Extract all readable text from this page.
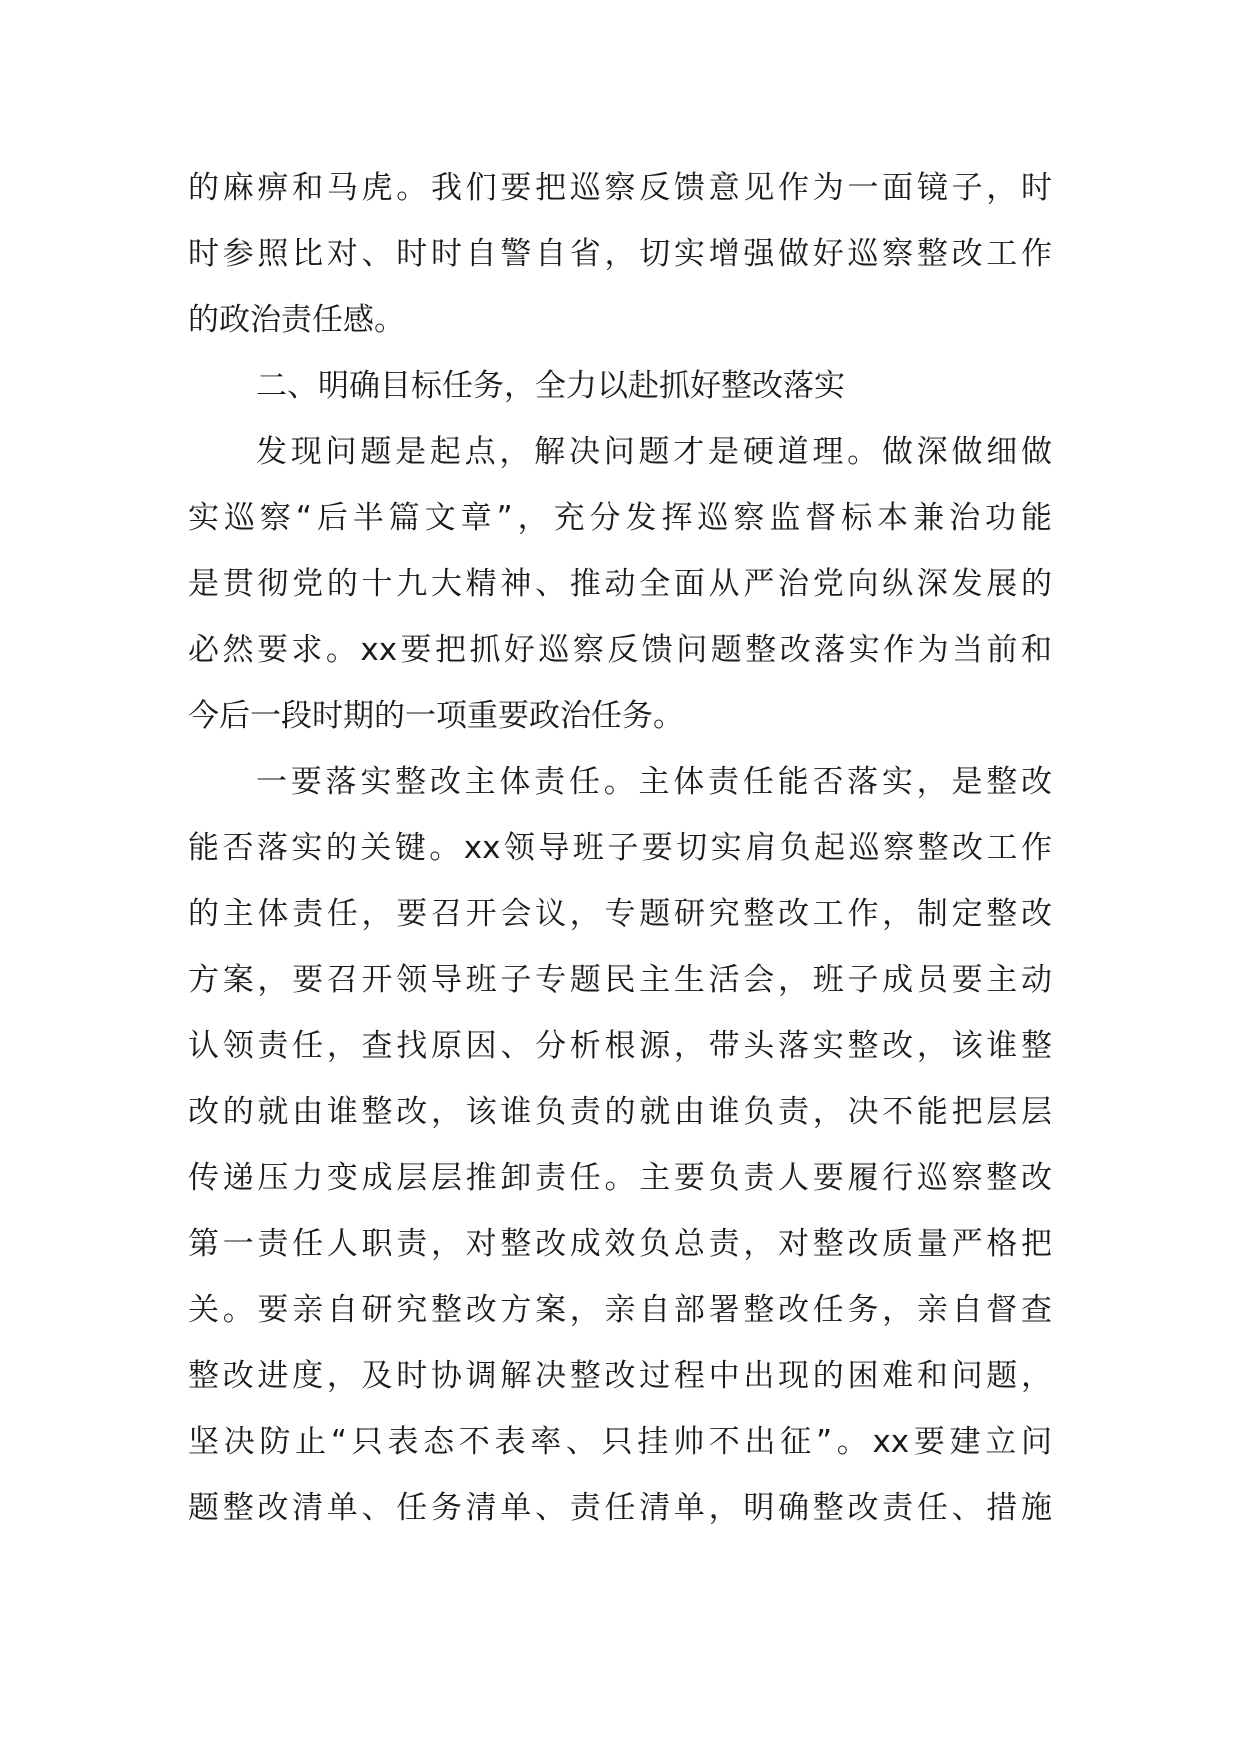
的麻痹和马虎。我们要把巡察反馈意见作为一面镜子，时
时参照比对、时时自警自省，切实增强做好巡察整改工作
的政治责任感。
二、明确目标任务，全力以赴抓好整改落实
发现问题是起点，解决问题才是硬道理。做深做细做
实巡察“后半篇文章”，充分发挥巡察监督标本兼治功能
是贯彻党的十九大精神、推动全面从严治党向纵深发展的
必然要求。xx要把抓好巡察反馈问题整改落实作为当前和
今后一段时期的一项重要政治任务。
一要落实整改主体责任。主体责任能否落实，是整改
能否落实的关键。xx领导班子要切实肩负起巡察整改工作
的主体责任，要召开会议，专题研究整改工作，制定整改
方案，要召开领导班子专题民主生活会，班子成员要主动
认领责任，查找原因、分析根源，带头落实整改，该谁整
改的就由谁整改，该谁负责的就由谁负责，决不能把层层
传递压力变成层层推卸责任。主要负责人要履行巡察整改
第一责任人职责，对整改成效负总责，对整改质量严格把
关。要亲自研究整改方案，亲自部署整改任务，亲自督查
整改进度，及时协调解决整改过程中出现的困难和问题，
坚决防止“只表态不表率、只挂帅不出征”。xx要建立问
题整改清单、任务清单、责任清单，明确整改责任、措施
